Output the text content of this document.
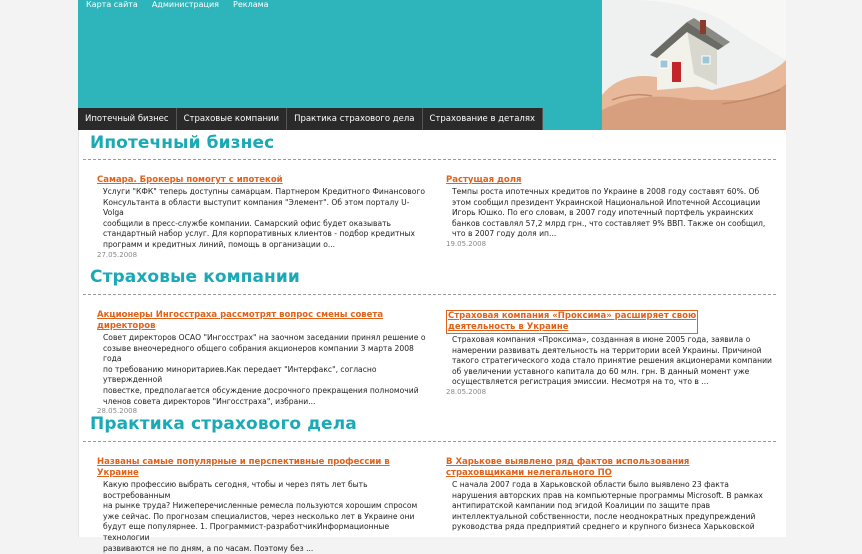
Карта сайта Администрация Реклама
Ипотечный бизнес	Страховые компании	Практика страхового дела	Страхование в деталях
Ипотечный бизнес
Самара. Брокеры помогут с ипотекой
Услуги "КФК" теперь доступны самарцам. Партнером Кредитного Финансового
Консультанта в области выступит компания "Элемент". Об этом порталу U-Volga
сообщили в пресс-службе компании. Самарский офис будет оказывать
стандартный набор услуг. Для корпоративных клиентов - подбор кредитных
программ и кредитных линий, помощь в организации о...
27.05.2008
Растущая доля
Темпы роста ипотечных кредитов по Украине в 2008 году составят 60%. Об
этом сообщил президент Украинской Национальной Ипотечной Ассоциации
Игорь Юшко. По его словам, в 2007 году ипотечный портфель украинских
банков составлял 57,2 млрд грн., что составляет 9% ВВП. Также он сообщил,
что в 2007 году доля ип...
19.05.2008
Страховые компании
Акционеры Ингосстраха рассмотрят вопрос смены совета
директоров
Совет директоров ОСАО "Ингосстрах" на заочном заседании принял решение о
созыве внеочередного общего собрания акционеров компании 3 марта 2008 года
по требованию миноритариев.Как передает "Интерфакс", согласно утвержденной
повестке, предполагается обсуждение досрочного прекращения полномочий
членов совета директоров "Ингосстраха", избрани...
28.05.2008
Страховая компания «Проксима» расширяет свою
деятельность в Украине
Страховая компания «Проксима», созданная в июне 2005 года, заявила о
намерении развивать деятельность на территории всей Украины. Причиной
такого стратегического хода стало принятие решения акционерами компании
об увеличении уставного капитала до 60 млн. грн. В данный момент уже
осуществляется регистрация эмиссии. Несмотря на то, что в ...
28.05.2008
Практика страхового дела
Названы самые популярные и перспективные профессии в
Украине
Какую профессию выбрать сегодня, чтобы и через пять лет быть востребованным
на рынке труда? Нижеперечисленные ремесла пользуются хорошим спросом
уже сейчас. По прогнозам специалистов, через несколько лет в Украине они
будут еще популярнее. 1. Программист-разработчикИнформационные технологии
развиваются не по дням, а по часам. Поэтому без ...
В Харькове выявлено ряд фактов использования
страховщиками нелегального ПО
С начала 2007 года в Харьковской области было выявлено 23 факта
нарушения авторских прав на компьютерные программы Microsoft. В рамках
антипиратской кампании под эгидой Коалиции по защите прав
интеллектуальной собственности, после неоднократных предупреждений
руководства ряда предприятий среднего и крупного бизнеса Харьковской
